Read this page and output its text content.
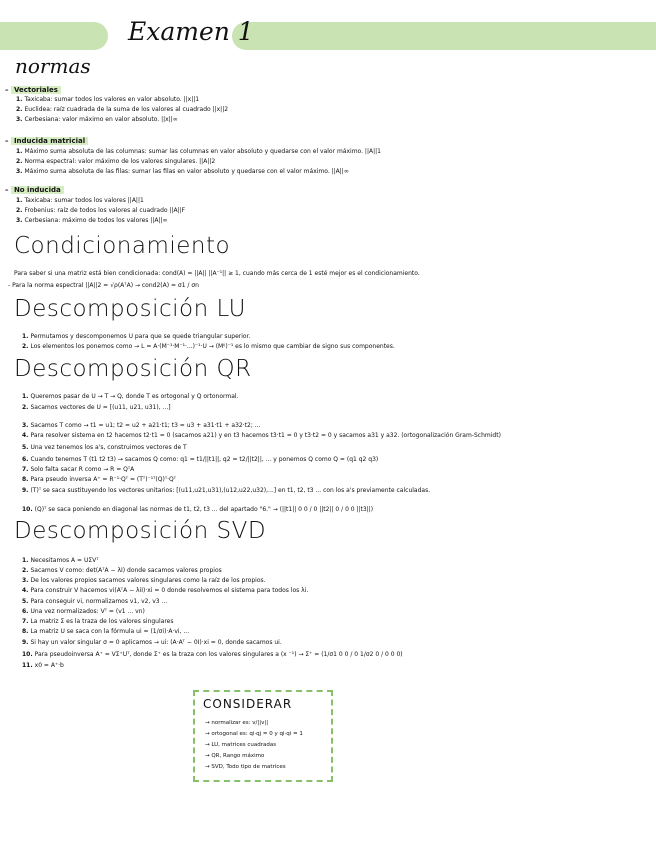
Examen 1
normas
– Vectoriales
1. Taxicaba: sumar todos los valores en valor absoluto. ||x||1
2. Euclidea: raíz cuadrada de la suma de los valores al cuadrado ||x||2
3. Cerbesiana: valor máximo en valor absoluto. ||x||∞
– Inducida matricial
1. Máximo suma absoluta de las columnas: sumar las columnas en valor absoluto y quedarse con el valor máximo. ||A||1
2. Norma espectral: valor máximo de los valores singulares. ||A||2
3. Máximo suma absoluta de las filas: sumar las filas en valor absoluto y quedarse con el valor máximo. ||A||∞
– No inducida
1. Taxicaba: sumar todos los valores ||A||1
2. Frobenius: raíz de todos los valores al cuadrado ||A||F
3. Cerbesiana: máximo de todos los valores ||A||∞
Condicionamiento
Para saber si una matriz está bien condicionada: cond(A) = ||A|| ||A⁻¹|| ≥ 1, cuando más cerca de 1 esté mejor es el condicionamiento.
- Para la norma espectral ||A||2 = √ρ(AᵀA) → cond2(A) = σ1 / σn
Descomposición LU
1. Permutamos y descomponemos U para que se quede triangular superior.
2. Los elementos los ponemos como → L = A·(M⁻¹·M⁻¹·...)⁻¹·U → (Mⁱʲ)⁻¹ es lo mismo que cambiar de signo sus componentes.
Descomposición QR
1. Queremos pasar de U → T → Q, donde T es ortogonal y Q ortonormal.
2. Sacamos vectores de U = [(u11, u21, u31), ...]
3. Sacamos T como → t1 = u1; t2 = u2 + a21·t1; t3 = u3 + a31·t1 + a32·t2; ...
4. Para resolver sistema en t2 hacemos t2·t1 = 0 (sacamos a21) y en t3 hacemos t3·t1 = 0 y t3·t2 = 0 y sacamos a31 y a32. (ortogonalización Gram-Schmidt)
5. Una vez tenemos los a's, construimos vectores de T
6. Cuando tenemos T (t1 t2 t3) → sacamos Q como: q1 = t1/||t1||, q2 = t2/||t2||, ... y ponemos Q como Q = (q1 q2 q3)
7. Solo falta sacar R como → R = QᵀA
8. Para pseudo inversa A⁺ = R⁻¹·Qᵀ = (Tᵀ)⁻¹ᵀ(Q)ᵀ·Qᵀ
9. (T)ᵀ se saca sustituyendo los vectores unitarios: [(u11,u21,u31),(u12,u22,u32),...] en t1, t2, t3 ... con los a's previamente calculadas.
10. (Q)ᵀ se saca poniendo en diagonal las normas de t1, t2, t3 ... del apartado "6." → (||t1|| 0 0 / 0 ||t2|| 0 / 0 0 ||t3||)
Descomposición SVD
1. Necesitamos A = UΣVᵀ
2. Sacamos V como: det(AᵀA − λI) donde sacamos valores propios
3. De los valores propios sacamos valores singulares como la raíz de los propios.
4. Para construir V hacemos vi(AᵀA − λiI)·xi = 0 donde resolvemos el sistema para todos los λi.
5. Para conseguir vi, normalizamos v1, v2, v3 ...
6. Una vez normalizados: Vᵀ = (v1 ... vn)
7. La matriz Σ es la traza de los valores singulares
8. La matriz U se saca con la fórmula ui = (1/σi)·A·vi, ...
9. Si hay un valor singular σ = 0 aplicamos → ui: (A·Aᵀ − 0I)·xi = 0, donde sacamos ui.
10. Para pseudoinversa A⁺ = VΣ⁺Uᵀ, donde Σ⁺ es la traza con los valores singulares a (x ⁻¹) → Σ⁺ = (1/σ1 0 0 / 0 1/σ2 0 / 0 0 0)
11. x0 = A⁺·b
CONSIDERAR
→ normalizar es: v/||v||
→ ortogonal es: qi·qj = 0 y qi·qi = 1
→ LU, matrices cuadradas
→ QR, Rango máximo
→ SVD, Todo tipo de matrices
